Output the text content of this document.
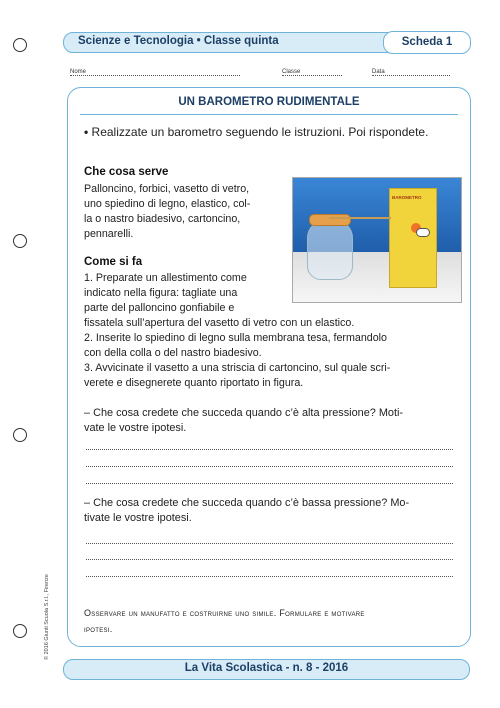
Scienze e Tecnologia • Classe quinta	Scheda 1
Nome	Classe	Data
UN BAROMETRO RUDIMENTALE
• Realizzate un barometro seguendo le istruzioni. Poi rispondete.
Che cosa serve
Palloncino, forbici, vasetto di vetro,
uno spiedino di legno, elastico, col-
la o nastro biadesivo, cartoncino,
pennarelli.
BAROMETRO
Come si fa
1. Preparate un allestimento come
indicato nella figura: tagliate una
parte del palloncino gonfiabile e
fissatela sull’apertura del vasetto di vetro con un elastico.
2. Inserite lo spiedino di legno sulla membrana tesa, fermandolo
con della colla o del nastro biadesivo.
3. Avvicinate il vasetto a una striscia di cartoncino, sul quale scri-
verete e disegnerete quanto riportato in figura.
– Che cosa credete che succeda quando c’è alta pressione? Moti-
vate le vostre ipotesi.
– Che cosa credete che succeda quando c’è bassa pressione? Mo-
tivate le vostre ipotesi.
Osservare un manufatto e costruirne uno simile. Formulare e motivare
ipotesi.
© 2016 Giunti Scuola S.r.l., Firenze
La Vita Scolastica - n. 8 - 2016
